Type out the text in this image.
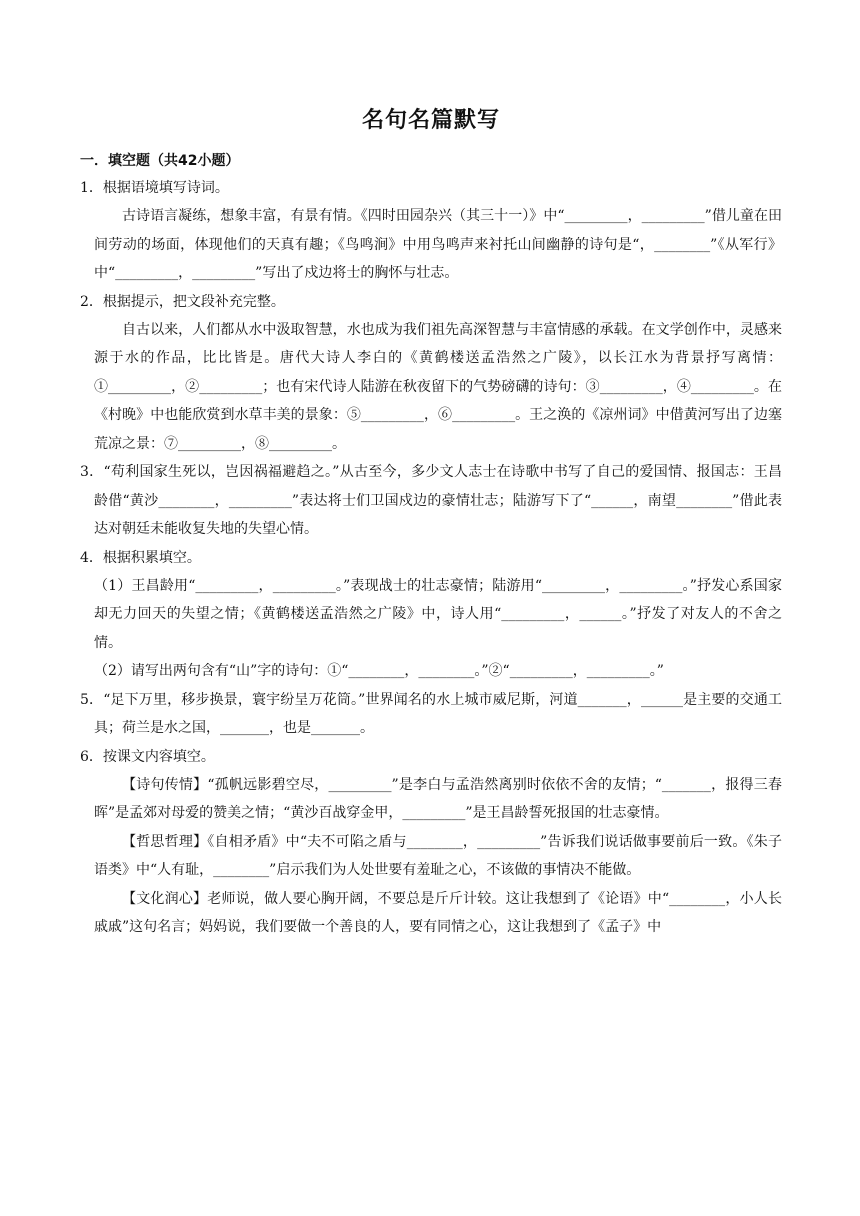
名句名篇默写

一．填空题（共42小题）

1．根据语境填写诗词。

古诗语言凝练，想象丰富，有景有情。《四时田园杂兴（其三十一）》中“_________，_________”借儿童在田间劳动的场面，体现他们的天真有趣；《鸟鸣涧》中用鸟鸣声来衬托山间幽静的诗句是“，________”《从军行》中“_________，_________”写出了戍边将士的胸怀与壮志。

2．根据提示，把文段补充完整。

自古以来，人们都从水中汲取智慧，水也成为我们祖先高深智慧与丰富情感的承载。在文学创作中，灵感来源于水的作品，比比皆是。唐代大诗人李白的《黄鹤楼送孟浩然之广陵》，以长江水为背景抒写离情：①_________，②_________；也有宋代诗人陆游在秋夜留下的气势磅礴的诗句：③_________，④_________。在《村晚》中也能欣赏到水草丰美的景象：⑤_________，⑥_________。王之涣的《凉州词》中借黄河写出了边塞荒凉之景：⑦_________，⑧_________。

3．“苟利国家生死以，岂因祸福避趋之。”从古至今，多少文人志士在诗歌中书写了自己的爱国情、报国志：王昌龄借“黄沙________，_________”表达将士们卫国戍边的豪情壮志；陆游写下了“______，南望________”借此表达对朝廷未能收复失地的失望心情。

4．根据积累填空。

（1）王昌龄用“_________，_________。”表现战士的壮志豪情；陆游用“_________，_________。”抒发心系国家却无力回天的失望之情；《黄鹤楼送孟浩然之广陵》中，诗人用“_________，______。”抒发了对友人的不舍之情。

（2）请写出两句含有“山”字的诗句：①“________，________。”②“_________，_________。”

5．“足下万里，移步换景，寰宇纷呈万花筒。”世界闻名的水上城市威尼斯，河道_______，______是主要的交通工具；荷兰是水之国，_______，也是_______。

6．按课文内容填空。

【诗句传情】“孤帆远影碧空尽，_________”是李白与孟浩然离别时依依不舍的友情；“_______，报得三春晖”是孟郊对母爱的赞美之情；“黄沙百战穿金甲，_________”是王昌龄誓死报国的壮志豪情。

【哲思哲理】《自相矛盾》中“夫不可陷之盾与________，_________”告诉我们说话做事要前后一致。《朱子语类》中“人有耻，________”启示我们为人处世要有羞耻之心，不该做的事情决不能做。

【文化润心】老师说，做人要心胸开阔，不要总是斤斤计较。这让我想到了《论语》中“________，小人长戚戚”这句名言；妈妈说，我们要做一个善良的人，要有同情之心，这让我想到了《孟子》中
